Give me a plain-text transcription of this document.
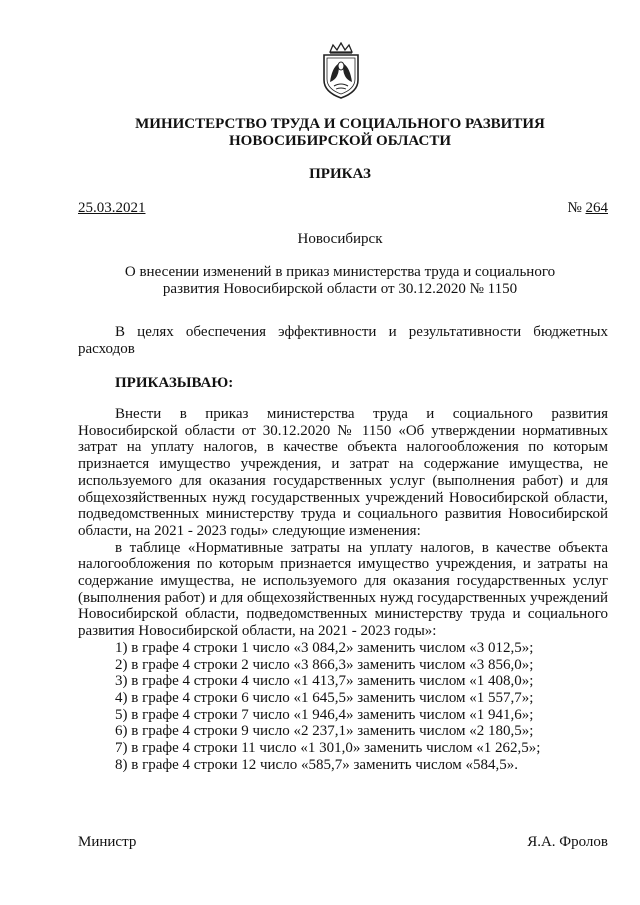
МИНИСТЕРСТВО ТРУДА И СОЦИАЛЬНОГО РАЗВИТИЯ
НОВОСИБИРСКОЙ ОБЛАСТИ
ПРИКАЗ
25.03.2021	№ 264
Новосибирск
О внесении изменений в приказ министерства труда и социального
развития Новосибирской области от 30.12.2020 № 1150

В целях обеспечения эффективности и результативности бюджетных расходов

ПРИКАЗЫВАЮ:

Внести в приказ министерства труда и социального развития Новосибирской области от 30.12.2020 № 1150 «Об утверждении нормативных затрат на уплату налогов, в качестве объекта налогообложения по которым признается имущество учреждения, и затрат на содержание имущества, не используемого для оказания государственных услуг (выполнения работ) и для общехозяйственных нужд государственных учреждений Новосибирской области, подведомственных министерству труда и социального развития Новосибирской области, на 2021 - 2023 годы» следующие изменения:

в таблице «Нормативные затраты на уплату налогов, в качестве объекта налогообложения по которым признается имущество учреждения, и затраты на содержание имущества, не используемого для оказания государственных услуг (выполнения работ) и для общехозяйственных нужд государственных учреждений Новосибирской области, подведомственных министерству труда и социального развития Новосибирской области, на 2021 - 2023 годы»:

1) в графе 4 строки 1 число «3 084,2» заменить числом «3 012,5»;
2) в графе 4 строки 2 число «3 866,3» заменить числом «3 856,0»;
3) в графе 4 строки 4 число «1 413,7» заменить числом «1 408,0»;
4) в графе 4 строки 6 число «1 645,5» заменить числом «1 557,7»;
5) в графе 4 строки 7 число «1 946,4» заменить числом «1 941,6»;
6) в графе 4 строки 9 число «2 237,1» заменить числом «2 180,5»;
7) в графе 4 строки 11 число «1 301,0» заменить числом «1 262,5»;
8) в графе 4 строки 12 число «585,7» заменить числом «584,5».
Министр	Я.А. Фролов
